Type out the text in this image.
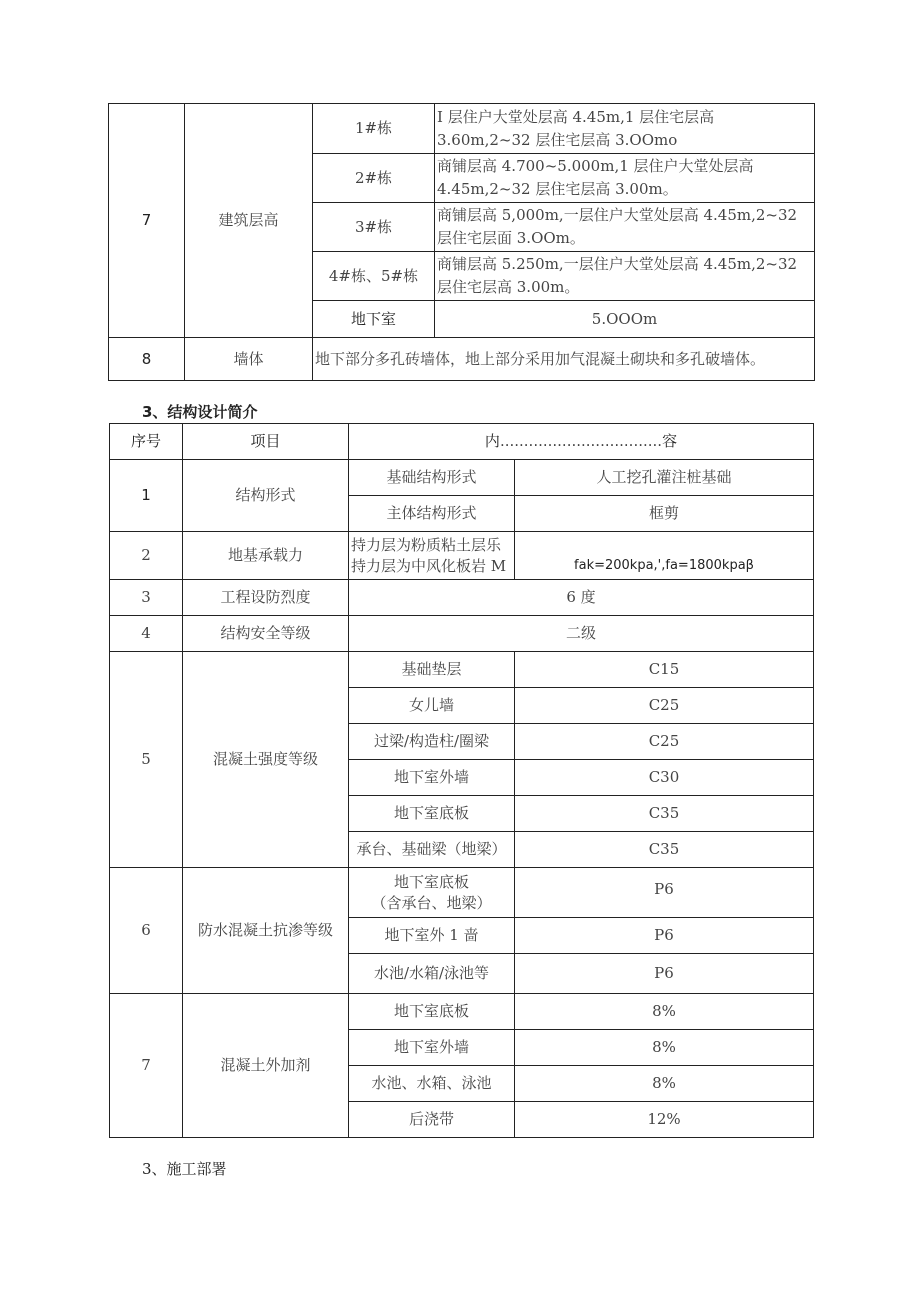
7	建筑层高	1#栋	I 层住户大堂处层高 4.45m,1 层住宅层高 3.60m,2~32 层住宅层高 3.OOmo
		2#栋	商铺层高 4.700~5.000m,1 层住户大堂处层高 4.45m,2~32 层住宅层高 3.00m。
		3#栋	商铺层高 5,000m,一层住户大堂处层高 4.45m,2~32 层住宅层面 3.OOm。
		4#栋、5#栋	商铺层高 5.250m,一层住户大堂处层高 4.45m,2~32 层住宅层高 3.00m。
		地下室	5.OOOm
8	墙体	地下部分多孔砖墙体，地上部分采用加气混凝土砌块和多孔破墙体。	
3、结构设计简介
序号	项目	内..................................容	
1	结构形式	基础结构形式	人工挖孔灌注桩基础
		主体结构形式	框剪
2	地基承载力	持力层为粉质粘土层乐
持力层为中风化板岩 M	fak=200kpa,',fa=1800kpaβ
3	工程设防烈度	6 度	
4	结构安全等级	二级	
5	混凝土强度等级	基础垫层	C15
		女儿墙	C25
		过梁/构造柱/圈梁	C25
		地下室外墙	C30
		地下室底板	C35
		承台、基础梁（地梁）	C35
6	防水混凝土抗渗等级	地下室底板
（含承台、地梁）	P6
		地下室外 1 啬	P6
		水池/水箱/泳池等	P6
7	混凝土外加剂	地下室底板	8%
		地下室外墙	8%
		水池、水箱、泳池	8%
		后浇带	12%
3、施工部署
